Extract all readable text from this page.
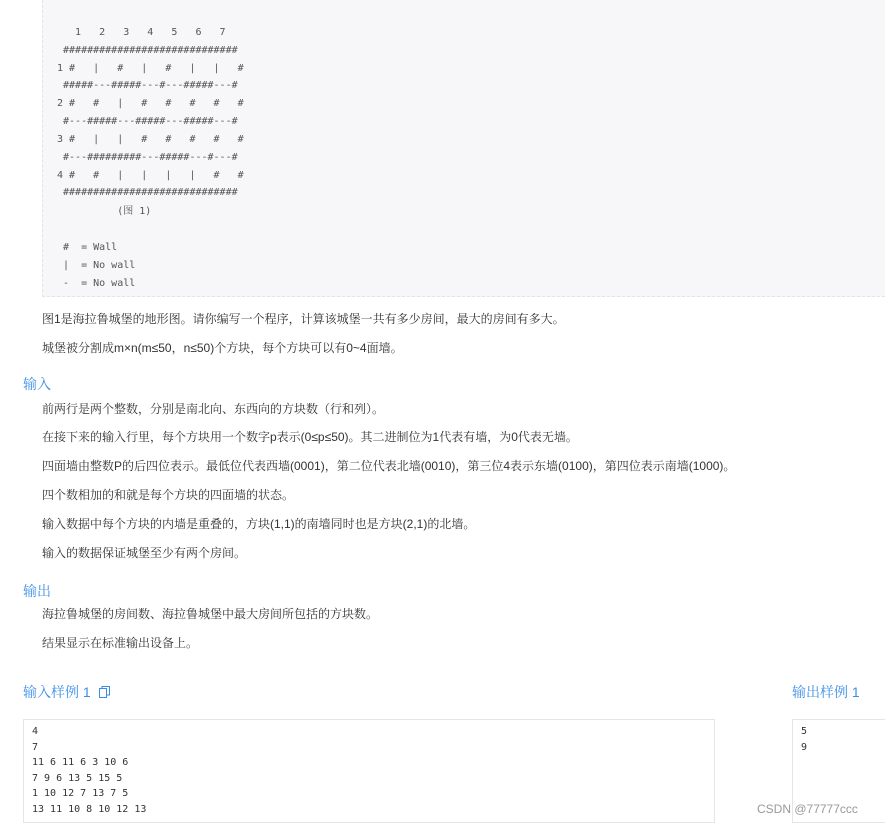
1   2   3   4   5   6   7
#############################
1 #   |   #   |   #   |   |   #
#####---#####---#---#####---#
2 #   #   |   #   #   #   #   #
#---#####---#####---#####---#
3 #   |   |   #   #   #   #   #
#---#########---#####---#---#
4 #   #   |   |   |   |   #   #
#############################
(图 1)
#  = Wall
|  = No wall
-  = No wall

图1是海拉鲁城堡的地形图。请你编写一个程序，计算该城堡一共有多少房间，最大的房间有多大。

城堡被分割成m×n(m≤50，n≤50)个方块，每个方块可以有0~4面墙。

输入

前两行是两个整数，分别是南北向、东西向的方块数（行和列）。

在接下来的输入行里，每个方块用一个数字p表示(0≤p≤50)。其二进制位为1代表有墙，为0代表无墙。

四面墙由整数P的后四位表示。最低位代表西墙(0001)，第二位代表北墙(0010)，第三位4表示东墙(0100)，第四位表示南墙(1000)。

四个数相加的和就是每个方块的四面墙的状态。

输入数据中每个方块的内墙是重叠的，方块(1,1)的南墙同时也是方块(2,1)的北墙。

输入的数据保证城堡至少有两个房间。

输出

海拉鲁城堡的房间数、海拉鲁城堡中最大房间所包括的方块数。

结果显示在标准输出设备上。

输入样例 1
4
7
11 6 11 6 3 10 6
7 9 6 13 5 15 5
1 10 12 7 13 7 5
13 11 10 8 10 12 13
输出样例 1
5
9
CSDN @77777ccc
